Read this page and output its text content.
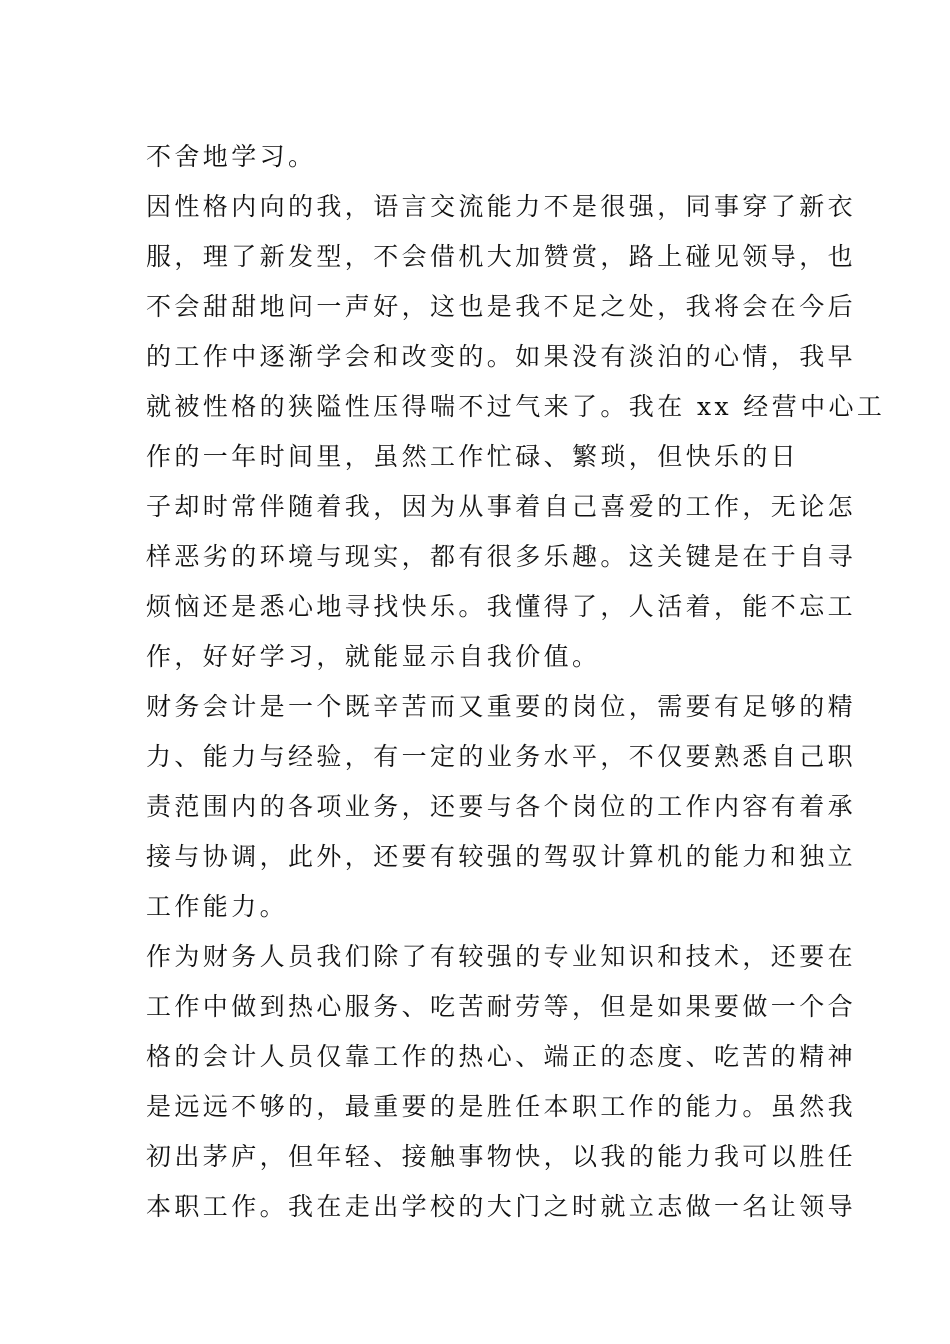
不舍地学习。
因性格内向的我，语言交流能力不是很强，同事穿了新衣
服，理了新发型，不会借机大加赞赏，路上碰见领导，也
不会甜甜地问一声好，这也是我不足之处，我将会在今后
的工作中逐渐学会和改变的。如果没有淡泊的心情，我早
就被性格的狭隘性压得喘不过气来了。我在 xx 经营中心工
作的一年时间里，虽然工作忙碌、繁琐，但快乐的日
子却时常伴随着我，因为从事着自己喜爱的工作，无论怎
样恶劣的环境与现实，都有很多乐趣。这关键是在于自寻
烦恼还是悉心地寻找快乐。我懂得了，人活着，能不忘工
作，好好学习，就能显示自我价值。
财务会计是一个既辛苦而又重要的岗位，需要有足够的精
力、能力与经验，有一定的业务水平，不仅要熟悉自己职
责范围内的各项业务，还要与各个岗位的工作内容有着承
接与协调，此外，还要有较强的驾驭计算机的能力和独立
工作能力。
作为财务人员我们除了有较强的专业知识和技术，还要在
工作中做到热心服务、吃苦耐劳等，但是如果要做一个合
格的会计人员仅靠工作的热心、端正的态度、吃苦的精神
是远远不够的，最重要的是胜任本职工作的能力。虽然我
初出茅庐，但年轻、接触事物快，以我的能力我可以胜任
本职工作。我在走出学校的大门之时就立志做一名让领导
